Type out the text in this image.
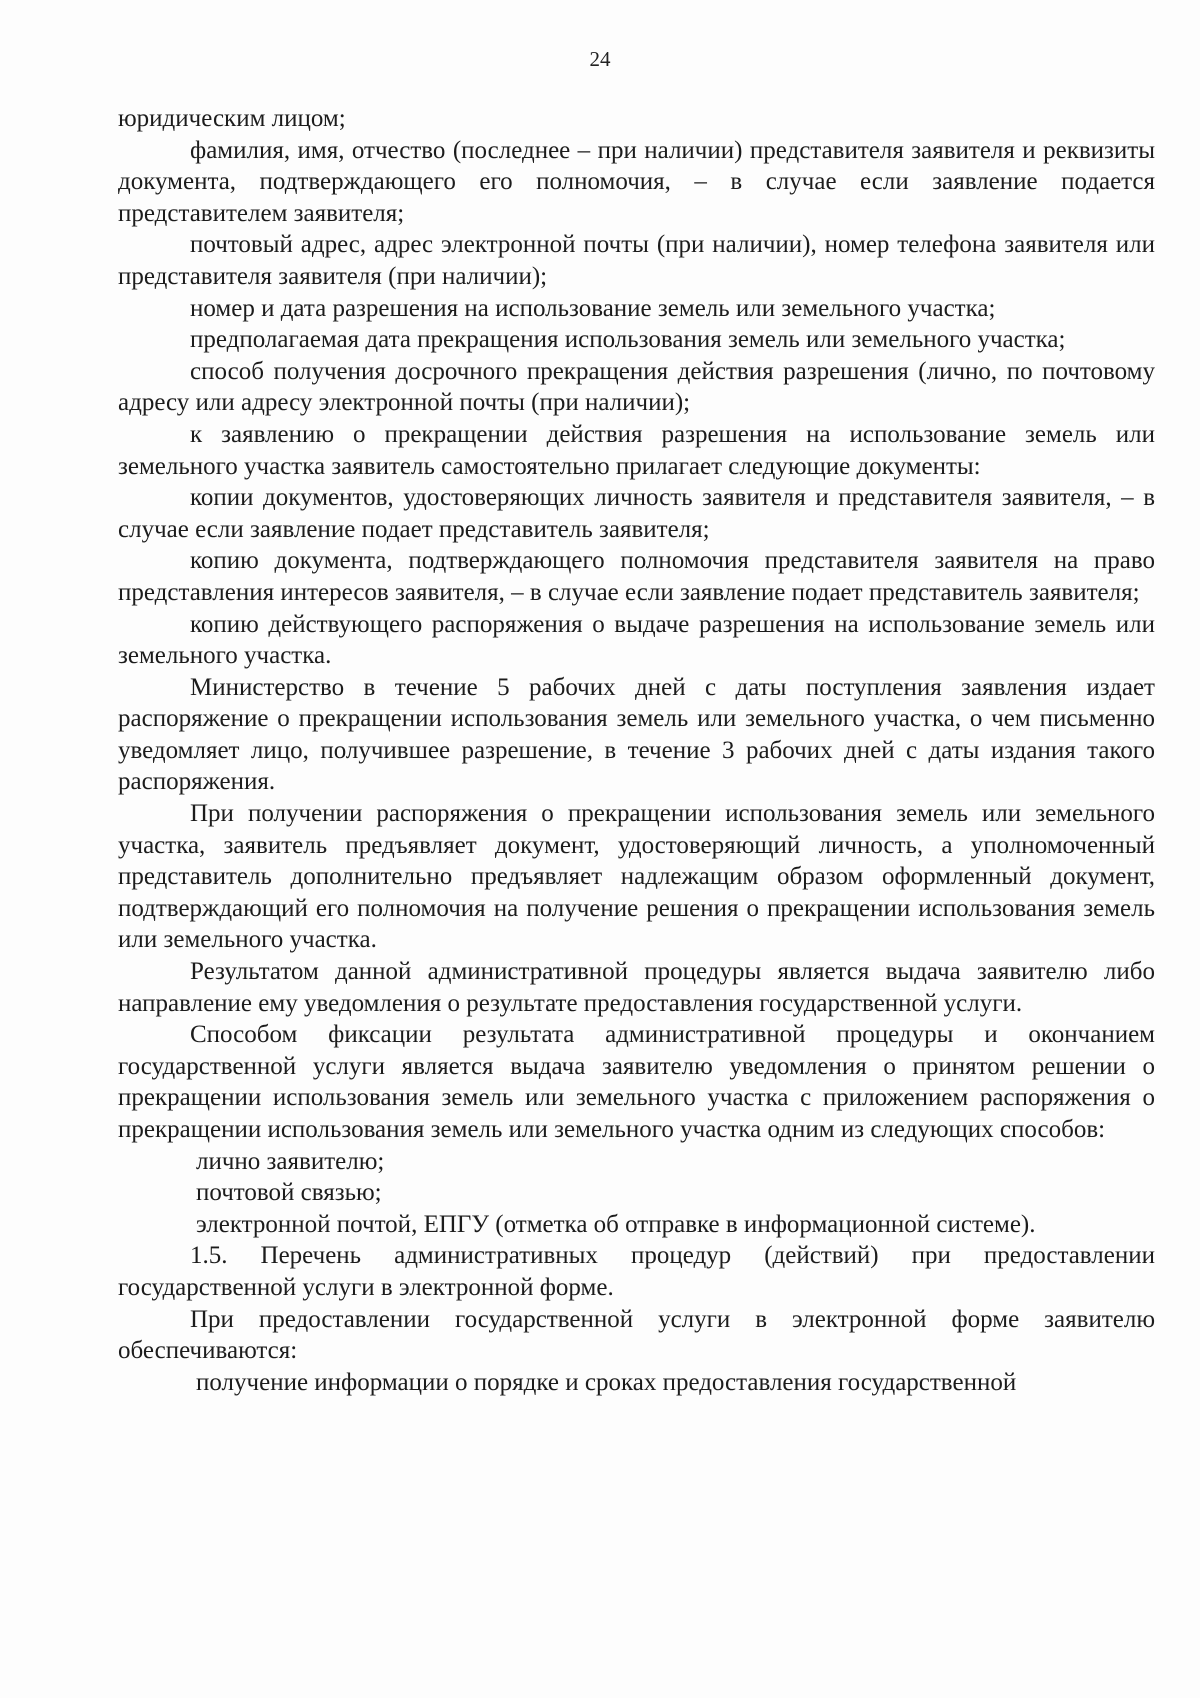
24

юридическим лицом;

фамилия, имя, отчество (последнее – при наличии) представителя заявителя и реквизиты документа, подтверждающего его полномочия, – в случае если заявление подается представителем заявителя;

почтовый адрес, адрес электронной почты (при наличии), номер телефона заявителя или представителя заявителя (при наличии);

номер и дата разрешения на использование земель или земельного участка;

предполагаемая дата прекращения использования земель или земельного участка;

способ получения досрочного прекращения действия разрешения (лично, по почтовому адресу или адресу электронной почты (при наличии);

к заявлению о прекращении действия разрешения на использование земель или земельного участка заявитель самостоятельно прилагает следующие документы:

копии документов, удостоверяющих личность заявителя и представителя заявителя, – в случае если заявление подает представитель заявителя;

копию документа, подтверждающего полномочия представителя заявителя на право представления интересов заявителя, – в случае если заявление подает представитель заявителя;

копию действующего распоряжения о выдаче разрешения на использование земель или земельного участка.

Министерство в течение 5 рабочих дней с даты поступления заявления издает распоряжение о прекращении использования земель или земельного участка, о чем письменно уведомляет лицо, получившее разрешение, в течение 3 рабочих дней с даты издания такого распоряжения.

При получении распоряжения о прекращении использования земель или земельного участка, заявитель предъявляет документ, удостоверяющий личность, а уполномоченный представитель дополнительно предъявляет надлежащим образом оформленный документ, подтверждающий его полномочия на получение решения о прекращении использования земель или земельного участка.

Результатом данной административной процедуры является выдача заявителю либо направление ему уведомления о результате предоставления государственной услуги.

Способом фиксации результата административной процедуры и окончанием государственной услуги является выдача заявителю уведомления о принятом решении о прекращении использования земель или земельного участка с приложением распоряжения о прекращении использования земель или земельного участка одним из следующих способов:

лично заявителю;

почтовой связью;

электронной почтой, ЕПГУ (отметка об отправке в информационной системе).

1.5. Перечень административных процедур (действий) при предоставлении государственной услуги в электронной форме.

При предоставлении государственной услуги в электронной форме заявителю обеспечиваются:

получение информации о порядке и сроках предоставления государственной
